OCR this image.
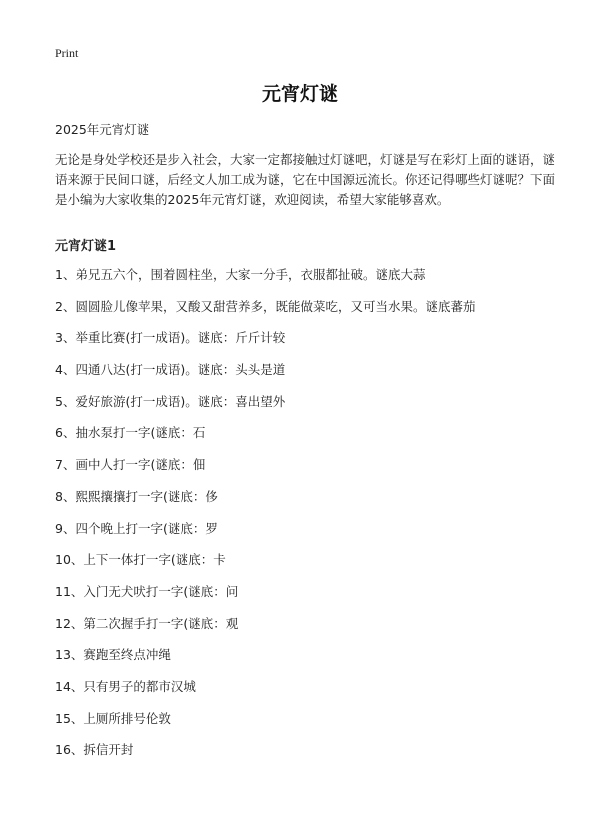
Print
元宵灯谜
2025年元宵灯谜

无论是身处学校还是步入社会，大家一定都接触过灯谜吧，灯谜是写在彩灯上面的谜语，谜语来源于民间口谜，后经文人加工成为谜，它在中国源远流长。你还记得哪些灯谜呢？下面是小编为大家收集的2025年元宵灯谜，欢迎阅读，希望大家能够喜欢。

元宵灯谜1
1、弟兄五六个，围着圆柱坐，大家一分手，衣服都扯破。谜底大蒜
2、圆圆脸儿像苹果，又酸又甜营养多，既能做菜吃，又可当水果。谜底蕃茄
3、举重比赛(打一成语)。谜底：斤斤计较
4、四通八达(打一成语)。谜底：头头是道
5、爱好旅游(打一成语)。谜底：喜出望外
6、抽水泵打一字(谜底：石
7、画中人打一字(谜底：佃
8、熙熙攘攘打一字(谜底：侈
9、四个晚上打一字(谜底：罗
10、上下一体打一字(谜底：卡
11、入门无犬吠打一字(谜底：问
12、第二次握手打一字(谜底：观
13、赛跑至终点冲绳
14、只有男子的都市汉城
15、上厕所排号伦敦
16、拆信开封
